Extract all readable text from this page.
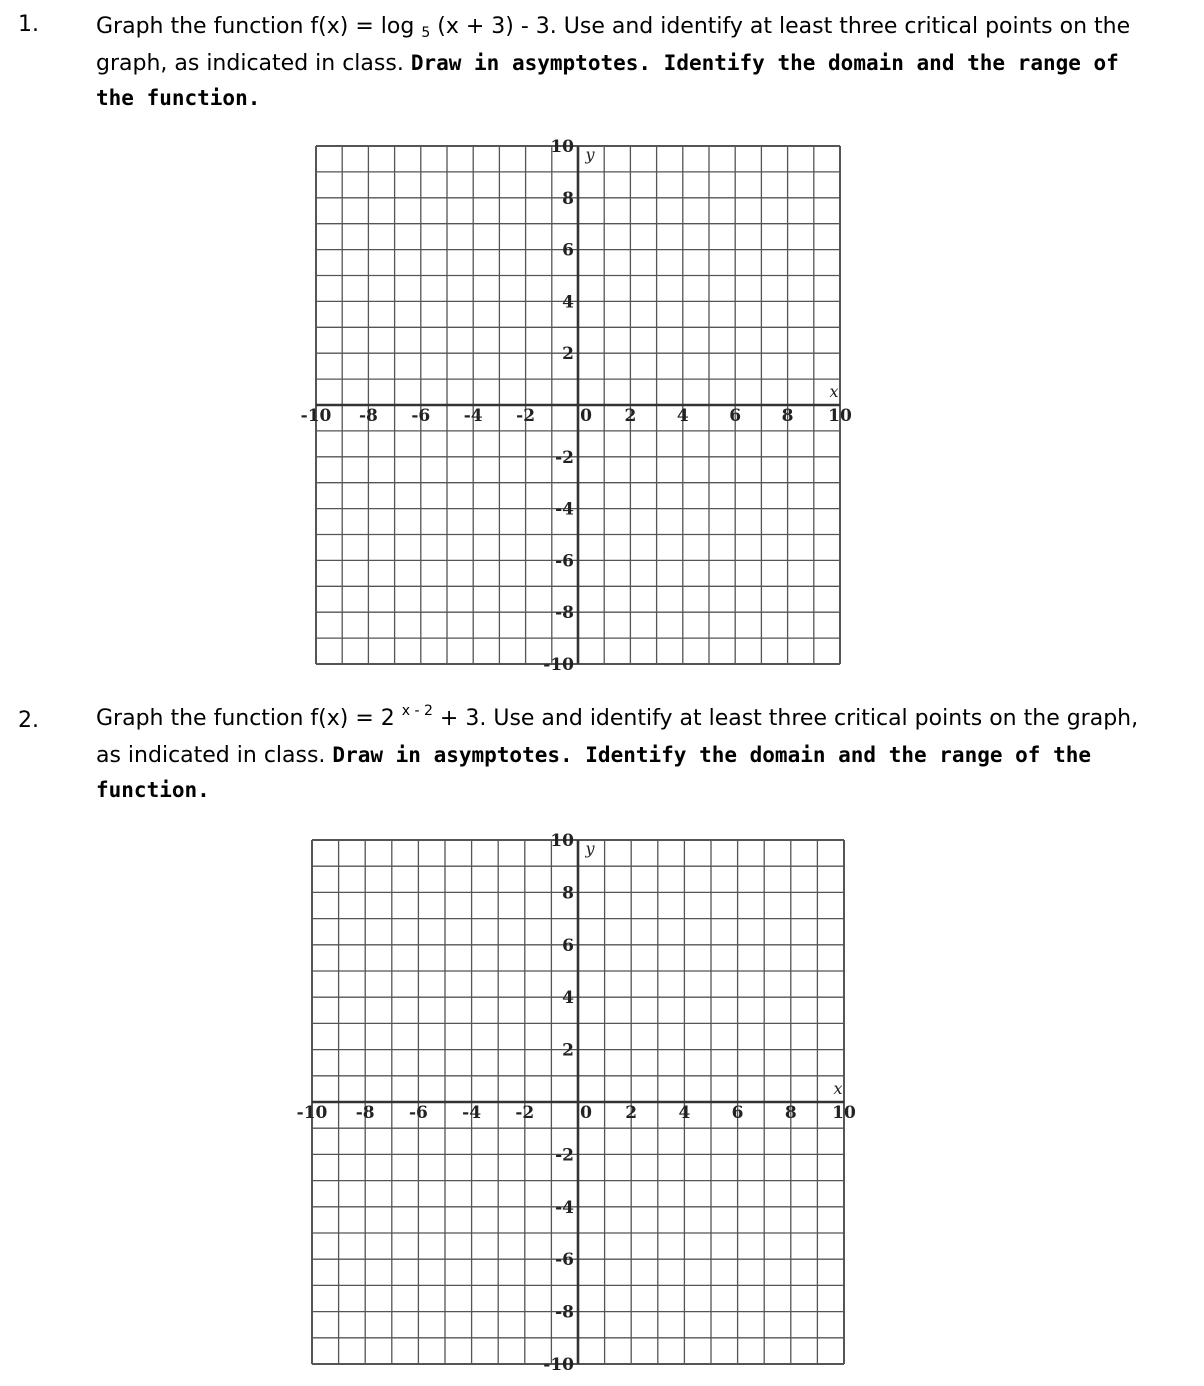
1.	Graph the function f(x) = log 5 (x + 3) - 3. Use and identify at least three critical points on the graph, as indicated in class. Draw in asymptotes. Identify the domain and the range of the function.
-10 -8 -6 -4 -2	0 2 4 6 8 10
10
8
6
4
2
-2
-4
-6
-8
-10
x
y
2.	Graph the function f(x) = 2 $^{x - 2}$ + 3. Use and identify at least three critical points on the graph, as indicated in class. Draw in asymptotes. Identify the domain and the range of the function.
-10 -8 -6 -4 -2	0 2 4 6 8 10
10
8
6
4
2
-2
-4
-6
-8
-10
x
y
